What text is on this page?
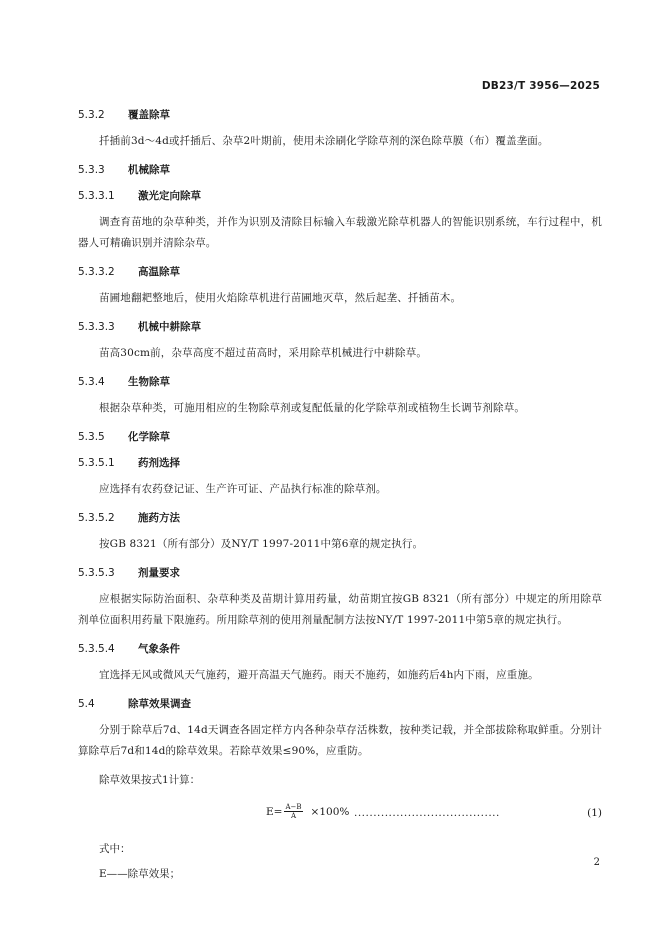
DB23/T 3956—2025
5.3.2 覆盖除草

扦插前3d～4d或扦插后、杂草2叶期前，使用未涂刷化学除草剂的深色除草膜（布）覆盖垄面。

5.3.3 机械除草
5.3.3.1 激光定向除草

调查育苗地的杂草种类，并作为识别及清除目标输入车载激光除草机器人的智能识别系统，车行过程中，机器人可精确识别并清除杂草。

5.3.3.2 高温除草

苗圃地翻耙整地后，使用火焰除草机进行苗圃地灭草，然后起垄、扦插苗木。

5.3.3.3 机械中耕除草

苗高30cm前，杂草高度不超过苗高时，采用除草机械进行中耕除草。

5.3.4 生物除草

根据杂草种类，可施用相应的生物除草剂或复配低量的化学除草剂或植物生长调节剂除草。

5.3.5 化学除草
5.3.5.1 药剂选择

应选择有农药登记证、生产许可证、产品执行标准的除草剂。

5.3.5.2 施药方法

按GB 8321（所有部分）及NY/T 1997-2011中第6章的规定执行。

5.3.5.3 剂量要求

应根据实际防治面积、杂草种类及苗期计算用药量，幼苗期宜按GB 8321（所有部分）中规定的所用除草剂单位面积用药量下限施药。所用除草剂的使用剂量配制方法按NY/T 1997-2011中第5章的规定执行。

5.3.5.4 气象条件

宜选择无风或微风天气施药，避开高温天气施药。雨天不施药，如施药后4h内下雨，应重施。

5.4	除草效果调查

分别于除草后7d、14d天调查各固定样方内各种杂草存活株数，按种类记载，并全部拔除称取鲜重。分别计算除草后7d和14d的除草效果。若除草效果≤90%，应重防。

除草效果按式1计算：

$E= \frac{A-B}{A} \times 100\%$ ......................................	(1)

式中：

E——除草效果；

2
